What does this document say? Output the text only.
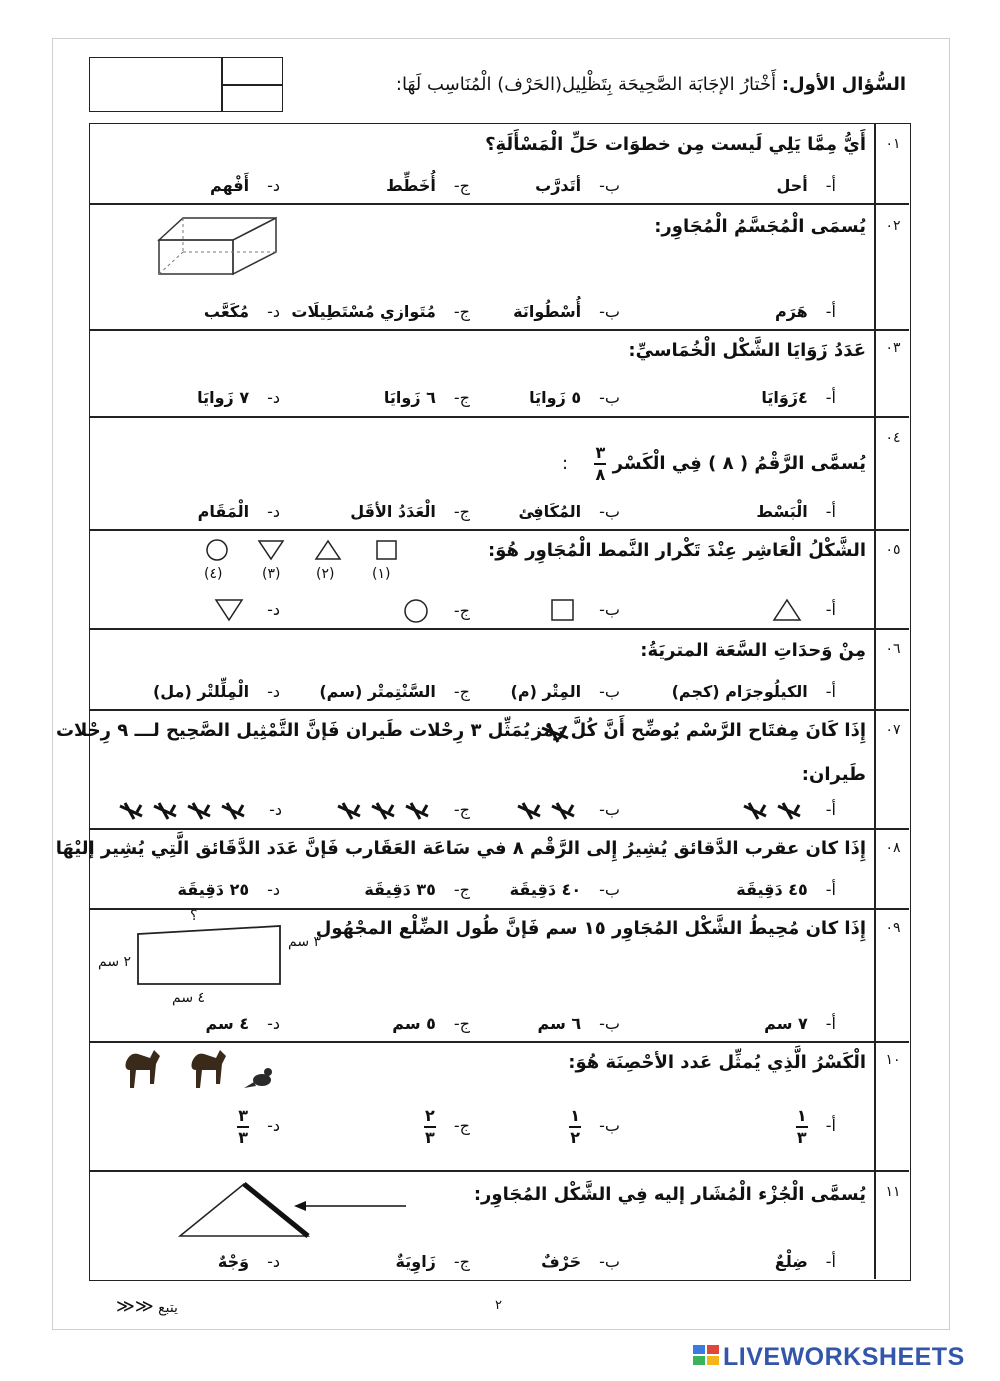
السُّؤال الأول: أَخْتارُ الإجَابَة الصَّحِيحَة بِتَظْلِيل(الحَرْف) الْمُنَاسِب لَهَا:
٠١
أَيُّ مِمَّا يَلِي لَيست مِن خطوَات حَلِّ الْمَسْأَلَةِ؟
أ-أحل
ب-أتَدرَّب
ج-أُخَطِّط
د-أَفْهم
٠٢
يُسمَى الْمُجَسَّمُ الْمُجَاوِر:
أ-هَرَم
ب-أُسْطُوانَة
ج-مُتَوازي مُسْتَطِيلَات
د-مُكَعَّب
٠٣
عَدَدُ زَوَايَا الشَّكْل الْخُمَاسيِّ:
أ-٤زَوَايَا
ب-٥ زَوايَا
ج-٦ زَوايَا
د-٧ زَوايَا
٠٤
يُسمَّى الرَّقْمُ ( ٨ ) فِي الْكَسْر $\frac{٣}{٨}$ :
أ-الْبَسْط
ب-المُكَافِئ
ج-الْعَدَدُ الأقَل
د-الْمَقَام
٠٥
الشَّكْلُ الْعَاشِر عِنْدَ تَكْرار النَّمط الْمُجَاوِر هُوَ:
(٤)	(٣)	(٢)	(١)
أ-
ب-
ج-
د-
٠٦
مِنْ وَحدَاتِ السَّعَة المتريَةُ:
أ-الكيلُوجرَام (كجم)
ب-المِتْر (م)
ج-السَّنْتِمتْر (سم)
د-الْمِلِّلتْر (مل)
٠٧
إِذَا كَانَ مِفتَاح الرَّسْم يُوضِّح أَنَّ كُلَّ رَمْز
يُمَثِّل ٣ رِحْلات طَيران فَإنَّ التَّمْثِيل الصَّحِيح لـــ ٩ رِحْلات
طَيران:
أ-
ب-
ج-
د-
٠٨
إِذَا كان عقرب الدَّقائق يُشِيرُ إِلى الرَّقْم ٨ في سَاعَة العَقَارب فَإنَّ عَدَد الدَّقَائق الَّتِي يُشِير إليْهَا
أ-٤٥ دَقِيقَة
ب-٤٠ دَقِيقَة
ج-٣٥ دَقِيقَة
د-٢٥ دَقِيقَة
٠٩
إِذَا كان مُحِيطُ الشَّكْل المُجَاوِر ١٥ سم فَإنَّ طُول الضِّلْع المجْهُول
؟
٣ سم
٢ سم
٤ سم
أ-٧ سم
ب-٦ سم
ج-٥ سم
د-٤ سم
١٠
الْكَسْرُ الَّذِي يُمثِّل عَدد الأحْصِنَة هُوَ:
$أ-\frac{١}{٣}$
$ب-\frac{١}{٢}$
$ج-\frac{٢}{٣}$
$د-\frac{٣}{٣}$
١١
يُسمَّى الْجُزْء الْمُشَار إليه فِي الشَّكْل المُجَاوِر:
أ-ضِلْعٌ
ب-حَرْفٌ
ج-زَاوِيَةٌ
د-وَجْهٌ
يتبع ≪≪	٢
LIVEWORKSHEETS
